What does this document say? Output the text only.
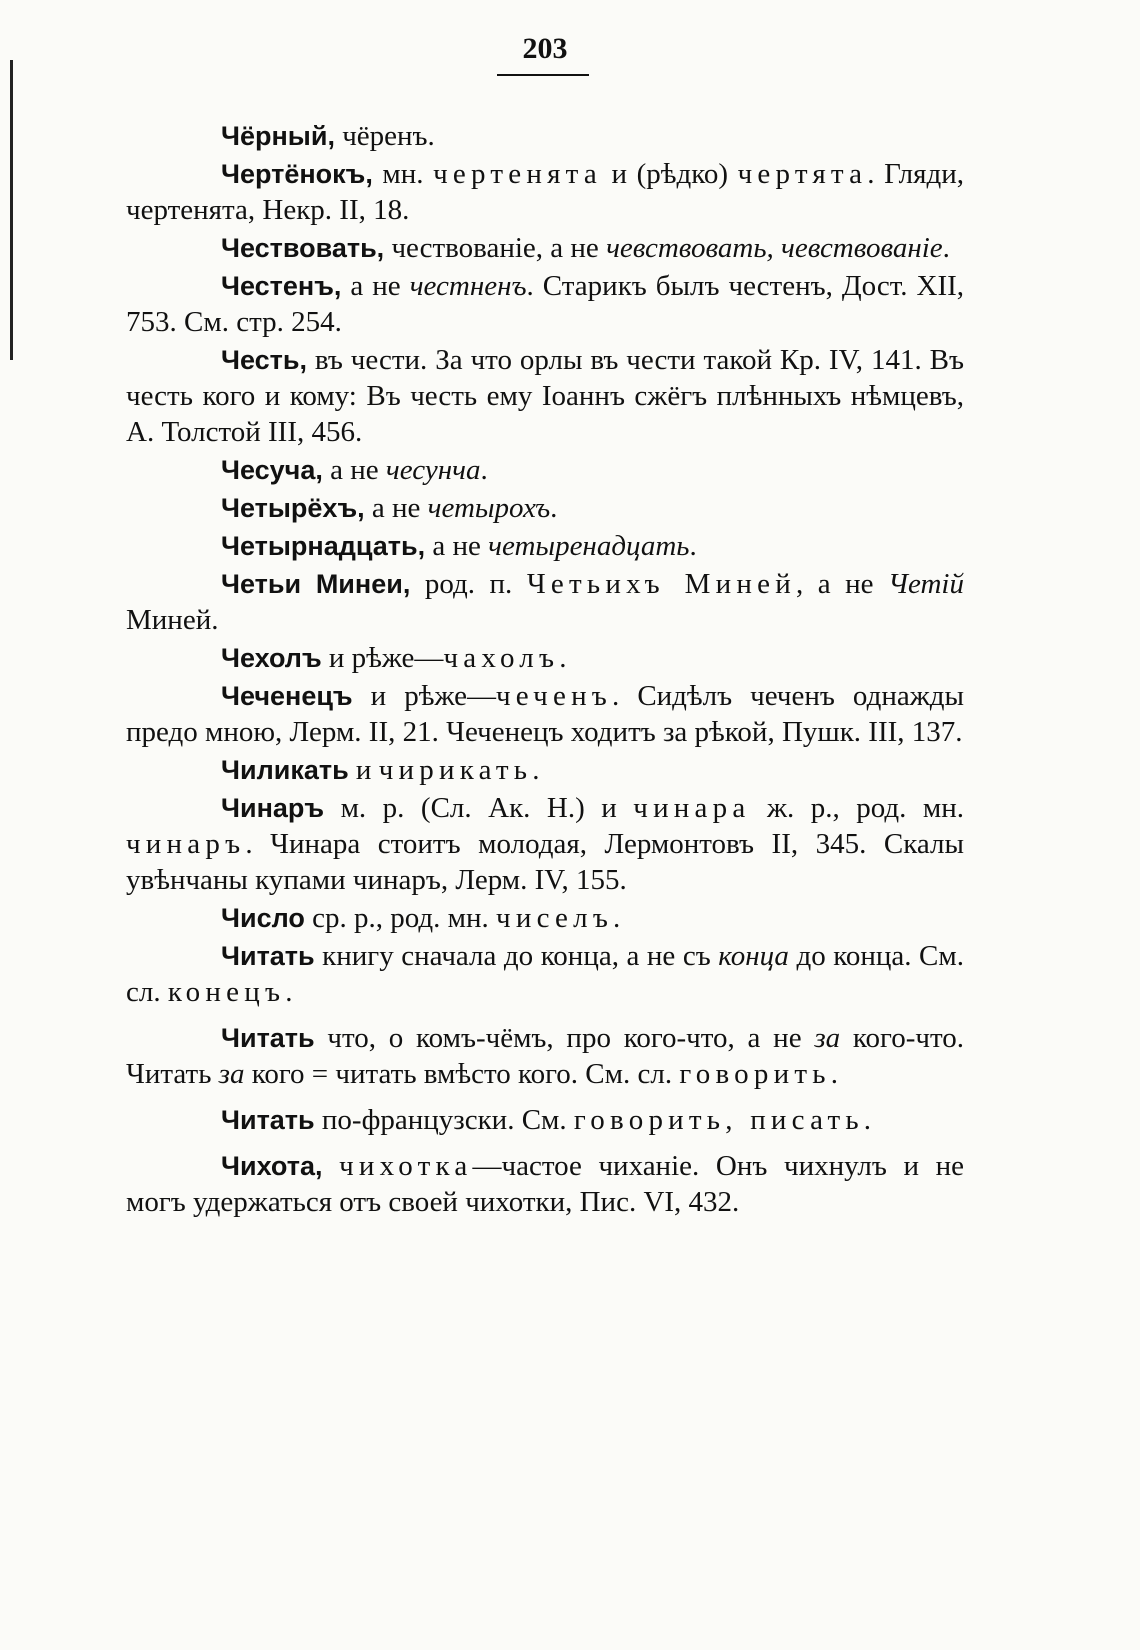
203

Чёрный, чёренъ.

Чертёнокъ, мн. чертенята и (рѣдко) чертята. Гляди, чертенята, Некр. II, 18.

Чествовать, чествованіе, а не чевствовать, чевствованіе.

Честенъ, а не честненъ. Старикъ былъ честенъ, Дост. XII, 753. См. стр. 254.

Честь, въ чести. За что орлы въ чести такой Кр. IV, 141. Въ честь кого и кому: Въ честь ему Іоаннъ сжёгъ плѣнныхъ нѣмцевъ, А. Толстой III, 456.

Чесуча, а не чесунча.

Четырёхъ, а не четырохъ.

Четырнадцать, а не четыренадцать.

Четьи Минеи, род. п. Четьихъ Миней, а не Четій Миней.

Чехолъ и рѣже—чахолъ.

Чеченецъ и рѣже—чеченъ. Сидѣлъ чеченъ однажды предо мною, Лерм. II, 21. Чеченецъ ходитъ за рѣкой, Пушк. III, 137.

Чиликать и чирикать.

Чинаръ м. р. (Сл. Ак. Н.) и чинара ж. р., род. мн. чинаръ. Чинара стоитъ молодая, Лермонтовъ II, 345. Скалы увѣнчаны купами чинаръ, Лерм. IV, 155.

Число ср. р., род. мн. чиселъ.

Читать книгу сначала до конца, а не съ конца до конца. См. сл. конецъ.

Читать что, о комъ-чёмъ, про кого-что, а не за кого-что. Читать за кого = читать вмѣсто кого. См. сл. говорить.

Читать по-французски. См. говорить, писать.

Чихота, чихотка—частое чиханіе. Онъ чихнулъ и не могъ удержаться отъ своей чихотки, Пис. VI, 432.
